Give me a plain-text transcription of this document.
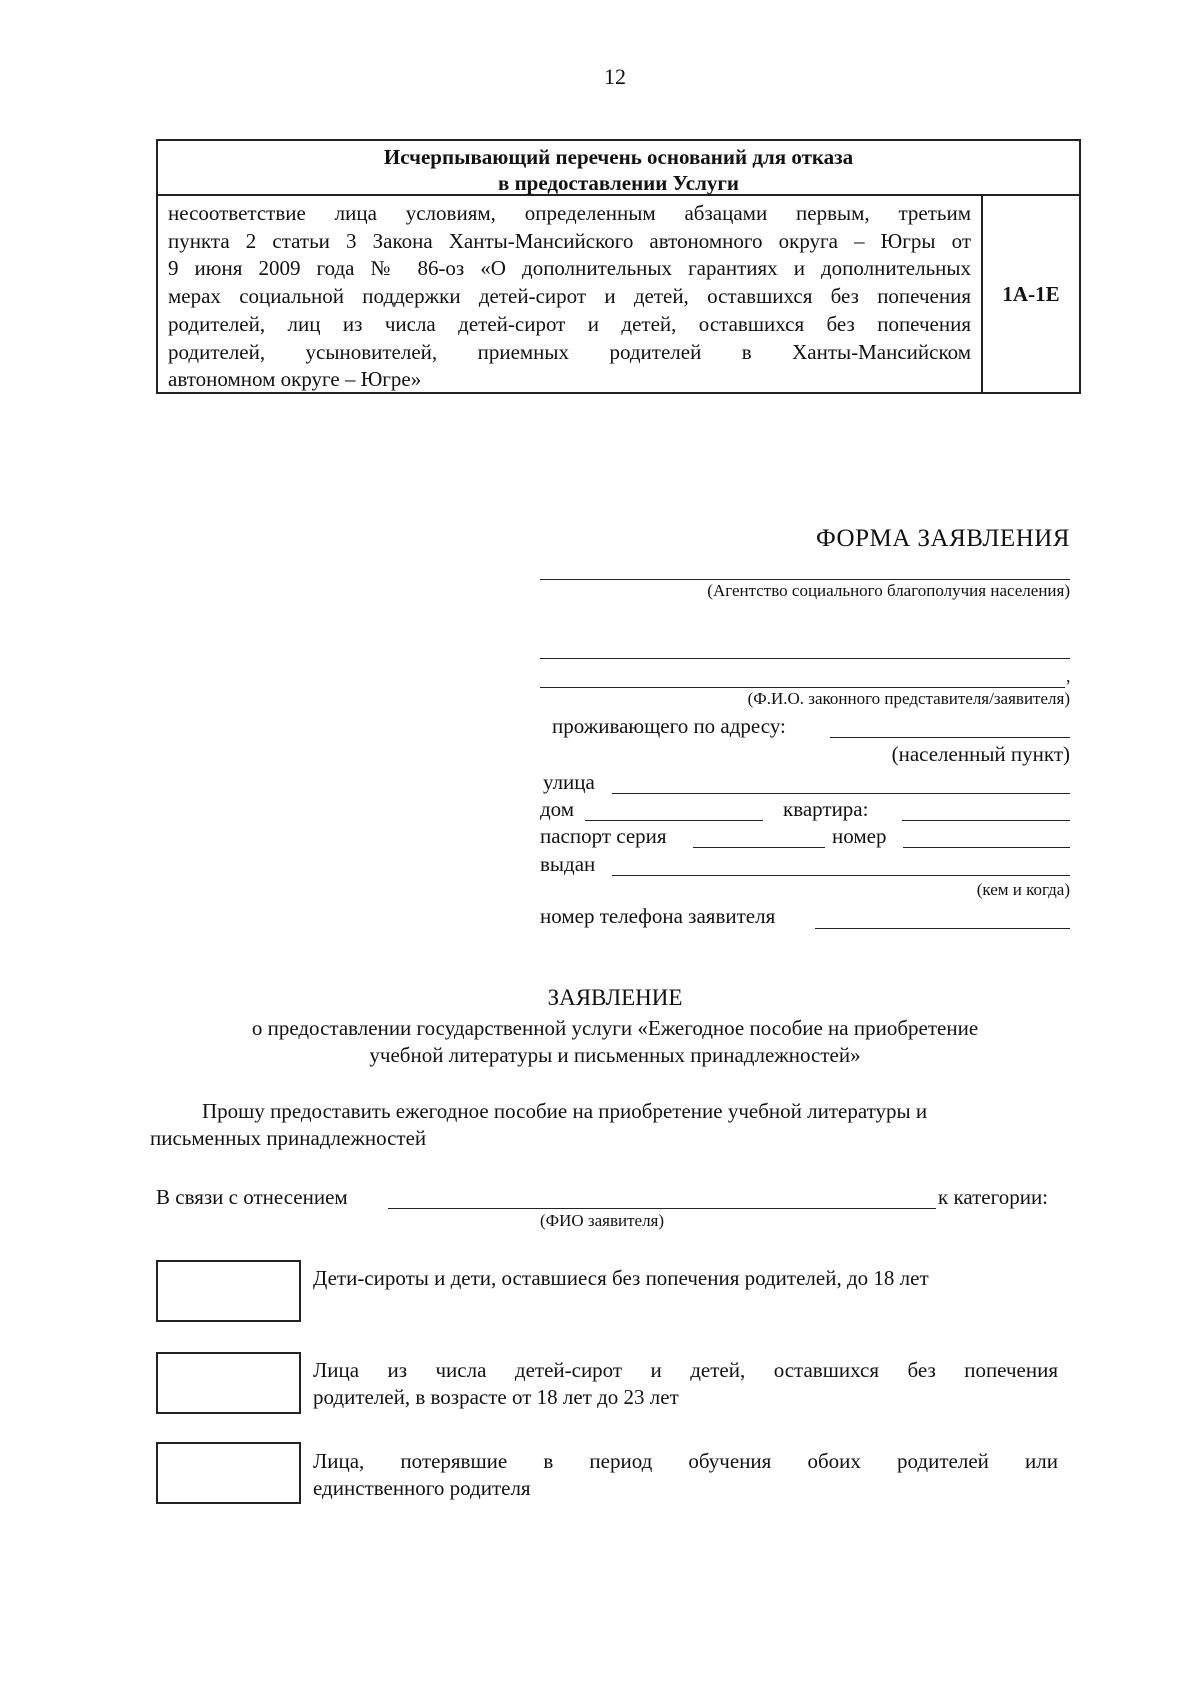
12
Исчерпывающий перечень оснований для отказа
в предоставлении Услуги
несоответствие лица условиям, определенным абзацами первым, третьим
пункта 2 статьи 3 Закона Ханты-Мансийского автономного округа – Югры от
9 июня 2009 года № 86-оз «О дополнительных гарантиях и дополнительных
мерах социальной поддержки детей-сирот и детей, оставшихся без попечения
родителей, лиц из числа детей-сирот и детей, оставшихся без попечения
родителей, усыновителей, приемных родителей в Ханты-Мансийском
автономном округе – Югре»
1А-1Е
ФОРМА ЗАЯВЛЕНИЯ
(Агентство социального благополучия населения)
,
(Ф.И.О. законного представителя/заявителя)
проживающего по адресу:
(населенный пункт)
улица
дом	квартира:
паспорт серия	номер
выдан
(кем и когда)
номер телефона заявителя
ЗАЯВЛЕНИЕ
о предоставлении государственной услуги «Ежегодное пособие на приобретение
учебной литературы и письменных принадлежностей»
Прошу предоставить ежегодное пособие на приобретение учебной литературы и
письменных принадлежностей
В связи с отнесением	к категории:
(ФИО заявителя)
Дети-сироты и дети, оставшиеся без попечения родителей, до 18 лет
Лица из числа детей-сирот и детей, оставшихся без попечения
родителей, в возрасте от 18 лет до 23 лет
Лица, потерявшие в период обучения обоих родителей или
единственного родителя
